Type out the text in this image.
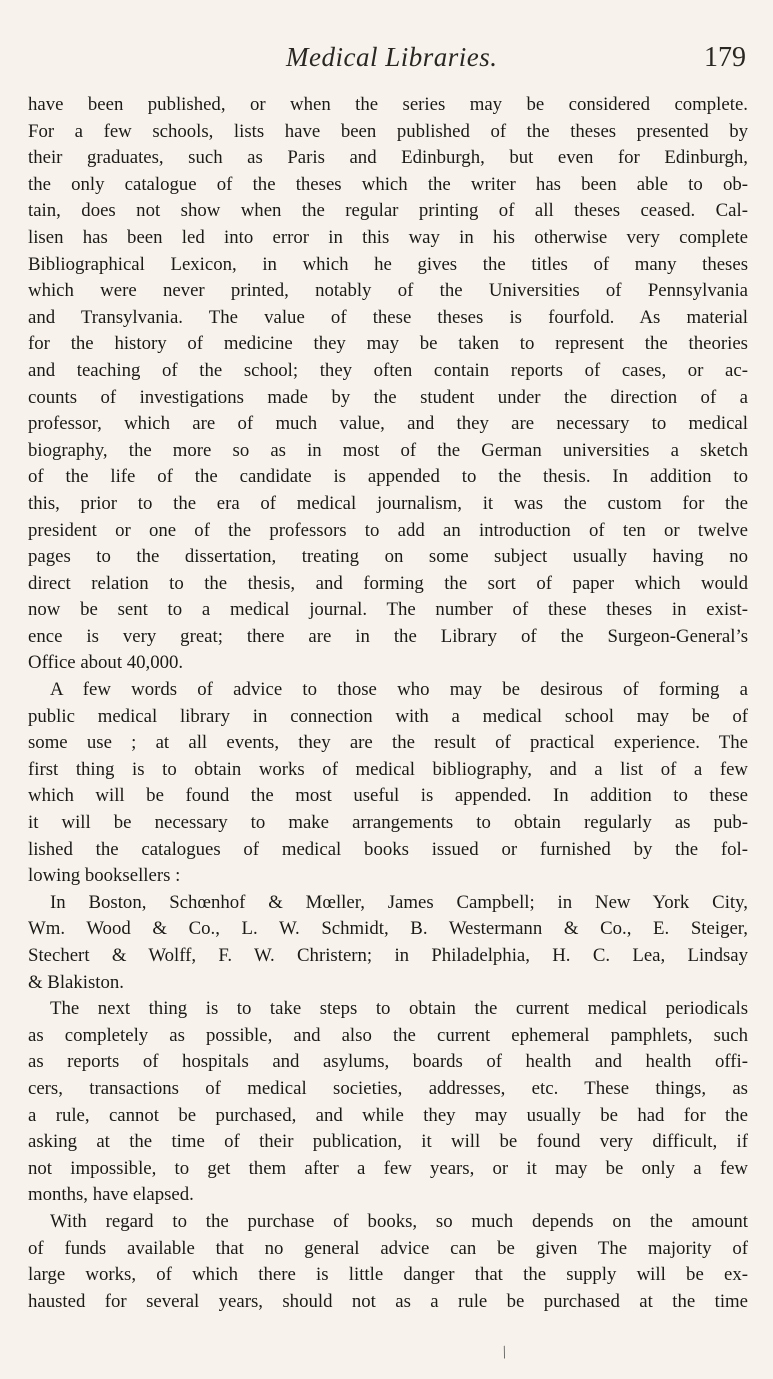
Medical Libraries.	179
have been published, or when the series may be considered complete.
For a few schools, lists have been published of the theses presented by
their graduates, such as Paris and Edinburgh, but even for Edinburgh,
the only catalogue of the theses which the writer has been able to ob-
tain, does not show when the regular printing of all theses ceased. Cal-
lisen has been led into error in this way in his otherwise very complete
Bibliographical Lexicon, in which he gives the titles of many theses
which were never printed, notably of the Universities of Pennsylvania
and Transylvania. The value of these theses is fourfold. As material
for the history of medicine they may be taken to represent the theories
and teaching of the school; they often contain reports of cases, or ac-
counts of investigations made by the student under the direction of a
professor, which are of much value, and they are necessary to medical
biography, the more so as in most of the German universities a sketch
of the life of the candidate is appended to the thesis. In addition to
this, prior to the era of medical journalism, it was the custom for the
president or one of the professors to add an introduction of ten or twelve
pages to the dissertation, treating on some subject usually having no
direct relation to the thesis, and forming the sort of paper which would
now be sent to a medical journal. The number of these theses in exist-
ence is very great; there are in the Library of the Surgeon-General’s
Office about 40,000.
A few words of advice to those who may be desirous of forming a
public medical library in connection with a medical school may be of
some use ; at all events, they are the result of practical experience. The
first thing is to obtain works of medical bibliography, and a list of a few
which will be found the most useful is appended. In addition to these
it will be necessary to make arrangements to obtain regularly as pub-
lished the catalogues of medical books issued or furnished by the fol-
lowing booksellers :
In Boston, Schœnhof & Mœller, James Campbell; in New York City,
Wm. Wood & Co., L. W. Schmidt, B. Westermann & Co., E. Steiger,
Stechert & Wolff, F. W. Christern; in Philadelphia, H. C. Lea, Lindsay
& Blakiston.
The next thing is to take steps to obtain the current medical periodicals
as completely as possible, and also the current ephemeral pamphlets, such
as reports of hospitals and asylums, boards of health and health offi-
cers, transactions of medical societies, addresses, etc. These things, as
a rule, cannot be purchased, and while they may usually be had for the
asking at the time of their publication, it will be found very difficult, if
not impossible, to get them after a few years, or it may be only a few
months, have elapsed.
With regard to the purchase of books, so much depends on the amount
of funds available that no general advice can be given The majority of
large works, of which there is little danger that the supply will be ex-
hausted for several years, should not as a rule be purchased at the time
/
